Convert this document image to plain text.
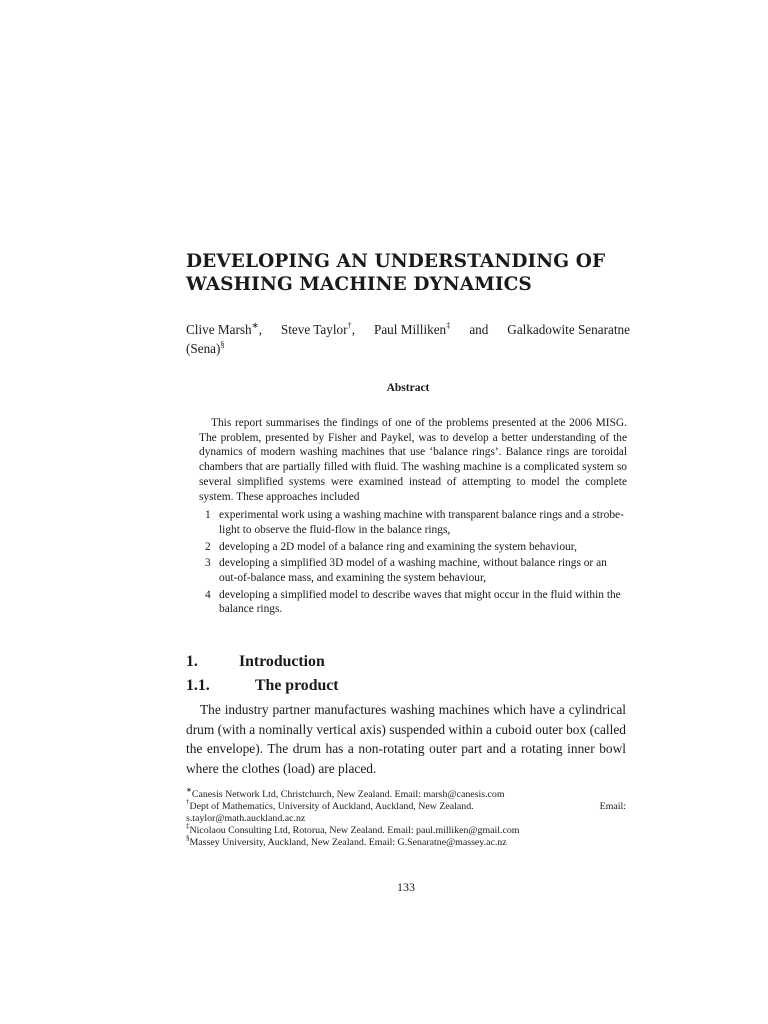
DEVELOPING AN UNDERSTANDING OF
WASHING MACHINE DYNAMICS
Clive Marsh∗, Steve Taylor†, Paul Milliken‡ and Galkadowite Senaratne
(Sena)§
Abstract

This report summarises the findings of one of the problems presented at the 2006 MISG. The problem, presented by Fisher and Paykel, was to develop a better understanding of the dynamics of modern washing machines that use ‘balance rings’. Balance rings are toroidal chambers that are partially filled with fluid. The washing machine is a complicated system so several simplified systems were examined instead of attempting to model the complete system. These approaches included

1 experimental work using a washing machine with transparent balance rings and a strobe-light to observe the fluid-flow in the balance rings,
2 developing a 2D model of a balance ring and examining the system behaviour,
3 developing a simplified 3D model of a washing machine, without balance rings or an out-of-balance mass, and examining the system behaviour,
4 developing a simplified model to describe waves that might occur in the fluid within the balance rings.
1.	Introduction
1.1.	The product

The industry partner manufactures washing machines which have a cylindrical drum (with a nominally vertical axis) suspended within a cuboid outer box (called the envelope). The drum has a non-rotating outer part and a rotating inner bowl where the clothes (load) are placed.

∗Canesis Network Ltd, Christchurch, New Zealand. Email: marsh@canesis.com
†Dept of Mathematics, University of Auckland, Auckland, New Zealand.	Email:
s.taylor@math.auckland.ac.nz
‡Nicolaou Consulting Ltd, Rotorua, New Zealand. Email: paul.milliken@gmail.com
§Massey University, Auckland, New Zealand. Email: G.Senaratne@massey.ac.nz
133
